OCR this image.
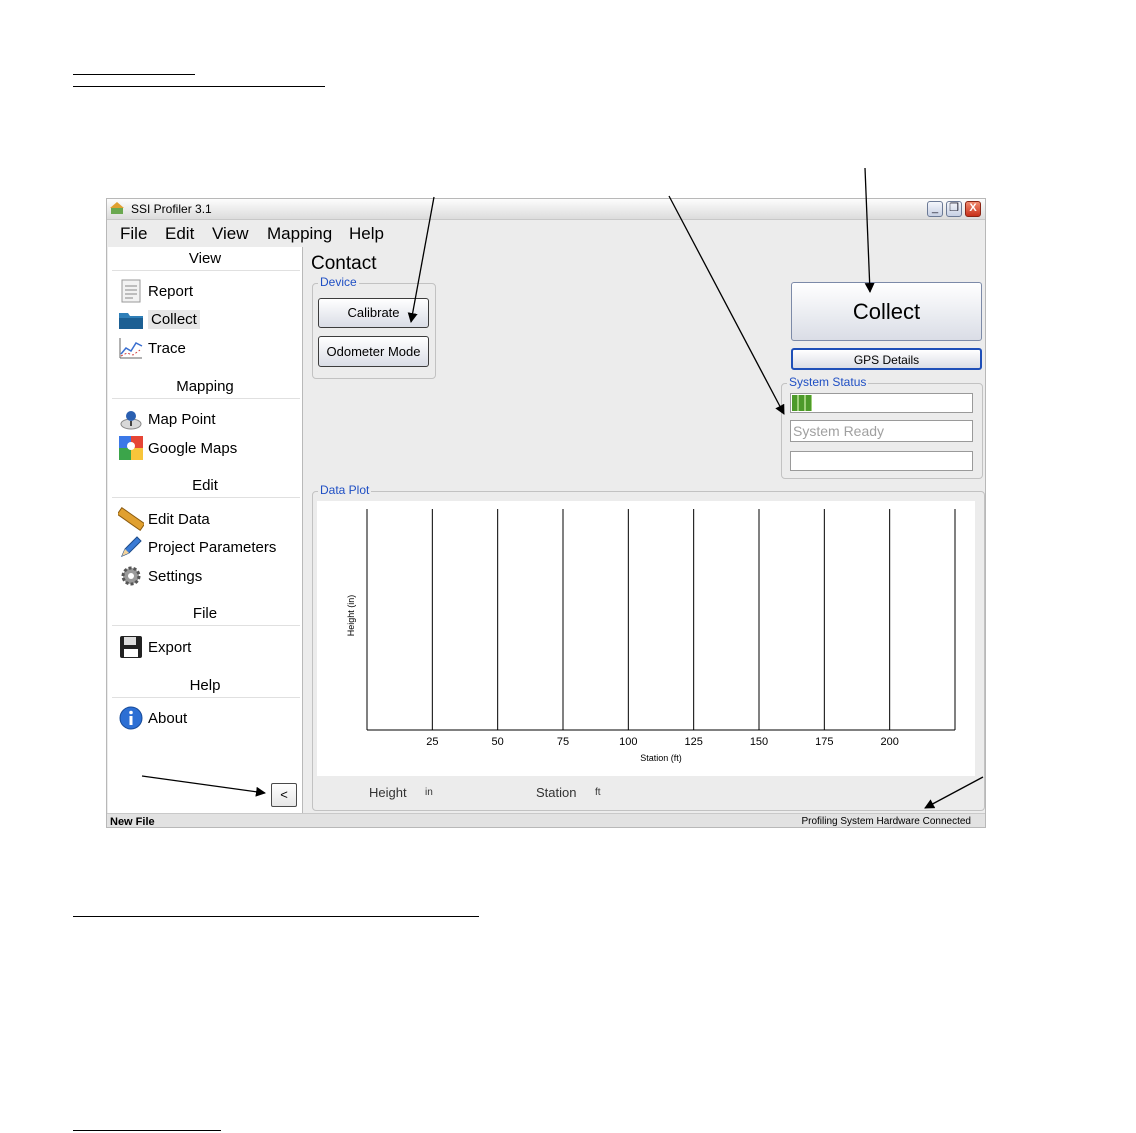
SSI Profiler 3.1	_	❐ X
File Edit View Mapping Help
View
Report
Collect
Trace
Mapping
Map Point
Google Maps
Edit
Edit Data
Project Parameters
Settings
File
Export
Help
About
<
Contact
Device
Calibrate
Odometer Mode
Collect
GPS Details
System Status
System Ready
Data Plot
25	50	75	100	125	150	175	200
Station (ft)
Height (in)
Height in	Station ft
New File	Profiling System Hardware Connected
